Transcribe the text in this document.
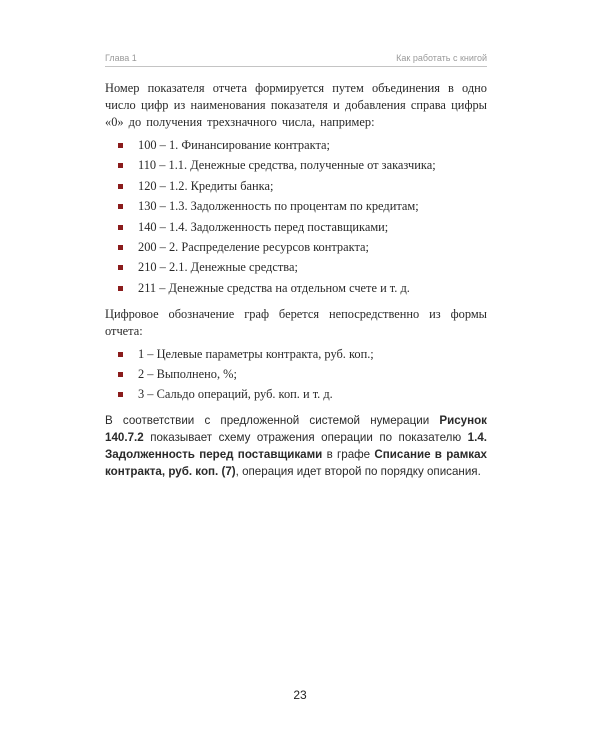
Глава 1	Как работать с книгой

Номер показателя отчета формируется путем объединения в одно число цифр из наименования показателя и добавления справа цифры «0» до получения трехзначного числа, например:

100 – 1. Финансирование контракта;
110 – 1.1. Денежные средства, полученные от заказчика;
120 – 1.2. Кредиты банка;
130 – 1.3. Задолженность по процентам по кредитам;
140 – 1.4. Задолженность перед поставщиками;
200 – 2. Распределение ресурсов контракта;
210 – 2.1. Денежные средства;
211 – Денежные средства на отдельном счете и т. д.

Цифровое обозначение граф берется непосредственно из формы отчета:

1 – Целевые параметры контракта, руб. коп.;
2 – Выполнено, %;
3 – Сальдо операций, руб. коп. и т. д.

В соответствии с предложенной системой нумерации Рисунок 140.7.2 показывает схему отражения операции по показателю 1.4. Задолженность перед поставщиками в графе Списание в рамках контракта, руб. коп. (7), операция идет второй по порядку описания.

23
